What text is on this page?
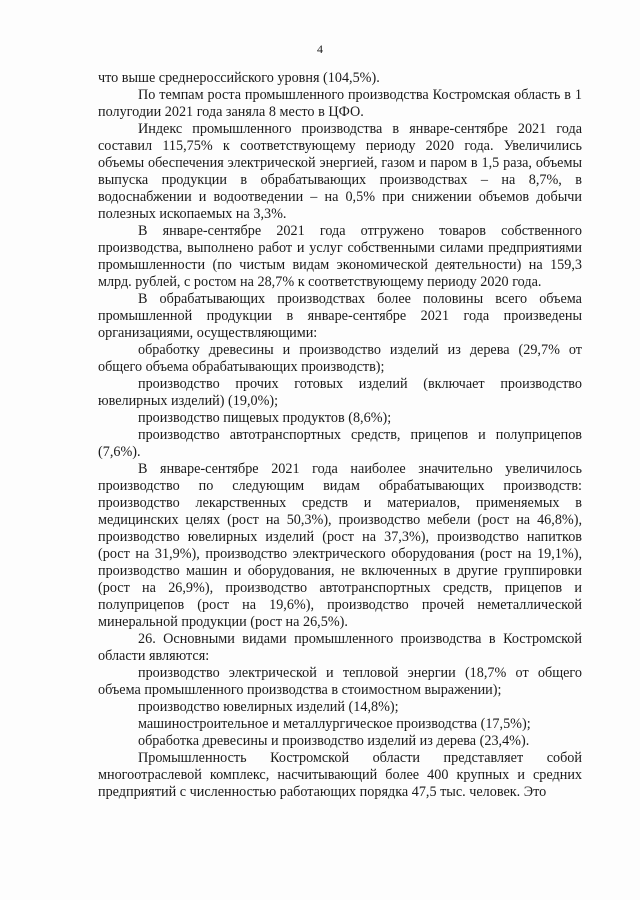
4

что выше среднероссийского уровня (104,5%).

По темпам роста промышленного производства Костромская область в 1 полугодии 2021 года заняла 8 место в ЦФО.

Индекс промышленного производства в январе-сентябре 2021 года составил 115,75% к соответствующему периоду 2020 года. Увеличились объемы обеспечения электрической энергией, газом и паром в 1,5 раза, объемы выпуска продукции в обрабатывающих производствах – на 8,7%, в водоснабжении и водоотведении – на 0,5% при снижении объемов добычи полезных ископаемых на 3,3%.

В январе-сентябре 2021 года отгружено товаров собственного производства, выполнено работ и услуг собственными силами предприятиями промышленности (по чистым видам экономической деятельности) на 159,3 млрд. рублей, с ростом на 28,7% к соответствующему периоду 2020 года.

В обрабатывающих производствах более половины всего объема промышленной продукции в январе-сентябре 2021 года произведены организациями, осуществляющими:

обработку древесины и производство изделий из дерева (29,7% от общего объема обрабатывающих производств);

производство прочих готовых изделий (включает производство ювелирных изделий) (19,0%);

производство пищевых продуктов (8,6%);

производство автотранспортных средств, прицепов и полуприцепов (7,6%).

В январе-сентябре 2021 года наиболее значительно увеличилось производство по следующим видам обрабатывающих производств: производство лекарственных средств и материалов, применяемых в медицинских целях (рост на 50,3%), производство мебели (рост на 46,8%), производство ювелирных изделий (рост на 37,3%), производство напитков (рост на 31,9%), производство электрического оборудования (рост на 19,1%), производство машин и оборудования, не включенных в другие группировки (рост на 26,9%), производство автотранспортных средств, прицепов и полуприцепов (рост на 19,6%), производство прочей неметаллической минеральной продукции (рост на 26,5%).

26. Основными видами промышленного производства в Костромской области являются:

производство электрической и тепловой энергии (18,7% от общего объема промышленного производства в стоимостном выражении);

производство ювелирных изделий (14,8%);

машиностроительное и металлургическое производства (17,5%);

обработка древесины и производство изделий из дерева (23,4%).

Промышленность Костромской области представляет собой многоотраслевой комплекс, насчитывающий более 400 крупных и средних предприятий с численностью работающих порядка 47,5 тыс. человек. Это
